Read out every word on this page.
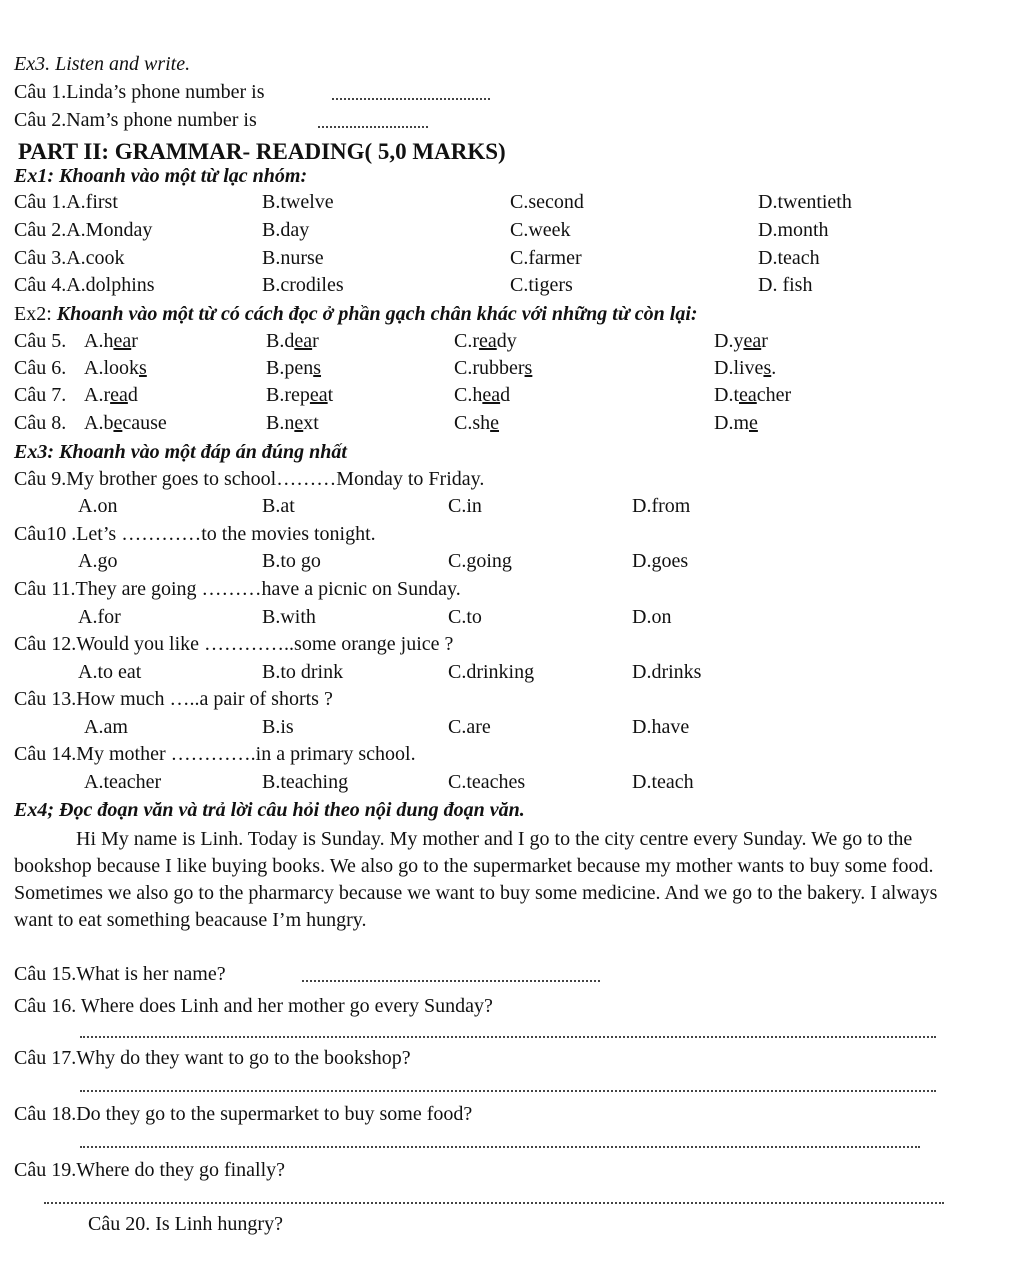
Ex3. Listen and write.
Câu 1.Linda’s phone number is
Câu 2.Nam’s phone number is
PART II: GRAMMAR- READING( 5,0 MARKS)
Ex1: Khoanh vào một từ lạc nhóm:
Câu 1.A.first	B.twelve	C.second	D.twentieth
Câu 2.A.Monday	B.day	C.week	D.month
Câu 3.A.cook	B.nurse	C.farmer	D.teach
Câu 4.A.dolphins	B.crodiles	C.tigers	D. fish
Ex2: Khoanh vào một từ có cách đọc ở phần gạch chân khác với những từ còn lại:
Câu 5. A.hear	B.dear	C.ready	D.year
Câu 6. A.looks	B.pens	C.rubbers	D.lives.
Câu 7. A.read	B.repeat	C.head	D.teacher
Câu 8. A.because	B.next	C.she	D.me
Ex3: Khoanh vào một đáp án đúng nhất
Câu 9.My brother goes to school………Monday to Friday.
A.on	B.at	C.in	D.from
Câu10 .Let’s …………to the movies tonight.
A.go	B.to go	C.going	D.goes
Câu 11.They are going ………have a picnic on Sunday.
A.for	B.with	C.to	D.on
Câu 12.Would you like …………..some orange juice ?
A.to eat	B.to drink	C.drinking	D.drinks
Câu 13.How much …..a pair of shorts ?
A.am	B.is	C.are	D.have
Câu 14.My mother ………….in a primary school.
A.teacher	B.teaching	C.teaches	D.teach
Ex4; Đọc đoạn văn và trả lời câu hỏi theo nội dung đoạn văn.
Hi My name is Linh. Today is Sunday. My mother and I go to the city centre every Sunday. We go to the bookshop because I like buying books. We also go to the supermarket because my mother wants to buy some food. Sometimes we also go to the pharmarcy because we want to buy some medicine. And we go to the bakery. I always want to eat something beacause I’m hungry.
Câu 15.What is her name?
Câu 16. Where does Linh and her mother go every Sunday?
Câu 17.Why do they want to go to the bookshop?
Câu 18.Do they go to the supermarket to buy some food?
Câu 19.Where do they go finally?
Câu 20. Is Linh hungry?
